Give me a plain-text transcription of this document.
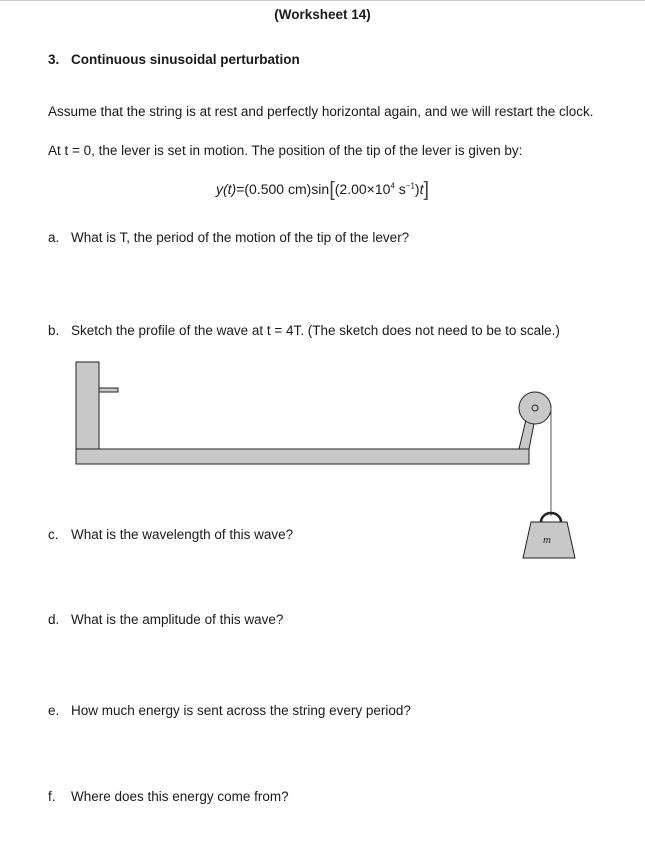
(Worksheet 14)
3. Continuous sinusoidal perturbation
Assume that the string is at rest and perfectly horizontal again, and we will restart the clock.
At t = 0, the lever is set in motion. The position of the tip of the lever is given by:
y(t)=(0.500 $cm)\sin[(2.00\times 10^4$ $s^{-1})t$]
a. What is T, the period of the motion of the tip of the lever?
b. Sketch the profile of the wave at t = 4T. (The sketch does not need to be to scale.)
m
c. What is the wavelength of this wave?
d. What is the amplitude of this wave?
e. How much energy is sent across the string every period?
f. Where does this energy come from?
